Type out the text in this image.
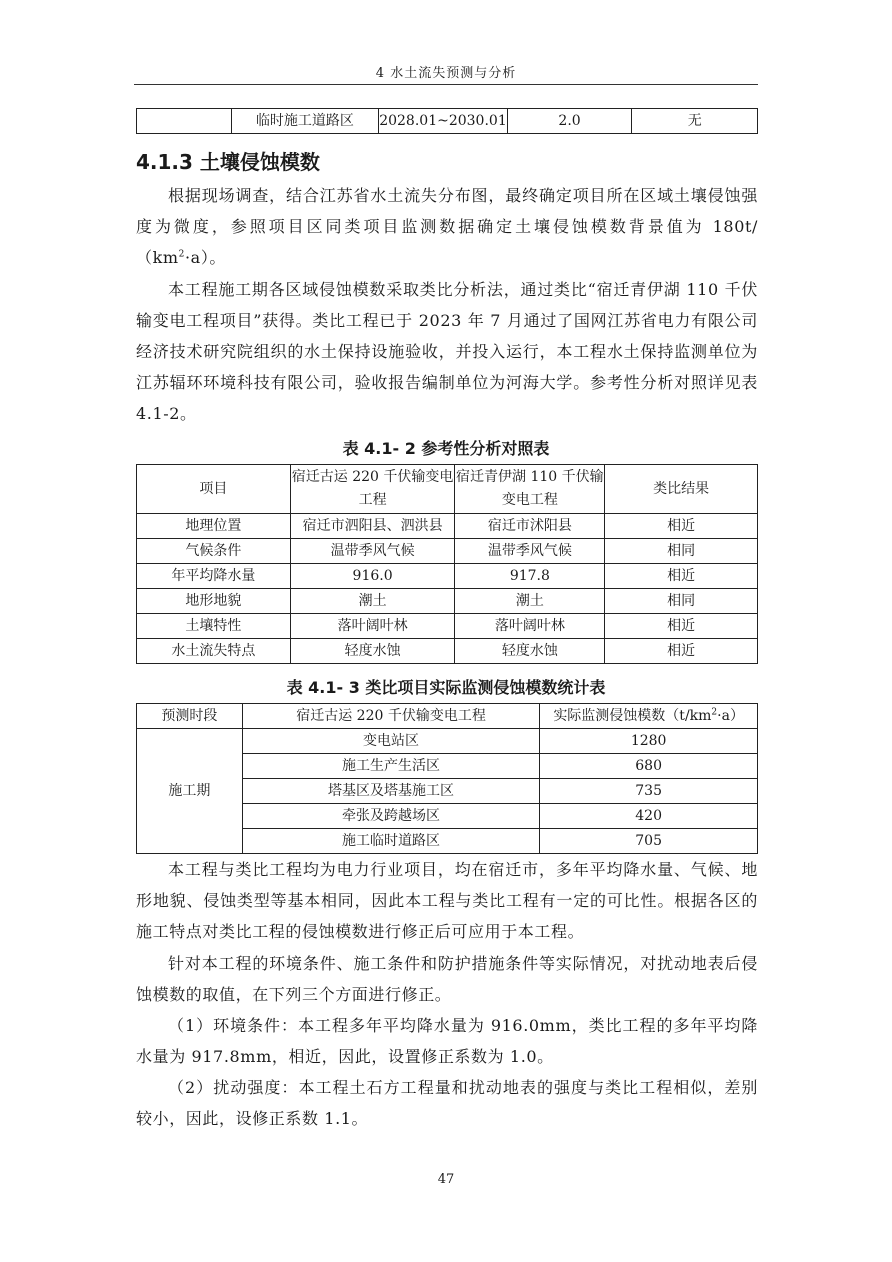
4 水土流失预测与分析
	临时施工道路区	2028.01~2030.01	2.0	无
4.1.3 土壤侵蚀模数
根据现场调查，结合江苏省水土流失分布图，最终确定项目所在区域土壤侵蚀强度为微度，参照项目区同类项目监测数据确定土壤侵蚀模数背景值为 $180t/(km^2\cdot a)$。
本工程施工期各区域侵蚀模数采取类比分析法，通过类比“宿迁青伊湖 110 千伏输变电工程项目”获得。类比工程已于 2023 年 7 月通过了国网江苏省电力有限公司经济技术研究院组织的水土保持设施验收，并投入运行，本工程水土保持监测单位为江苏辐环环境科技有限公司，验收报告编制单位为河海大学。参考性分析对照详见表 4.1-2。
表 4.1- 2 参考性分析对照表
项目	宿迁古运 220 千伏输变电工程	宿迁青伊湖 110 千伏输变电工程	类比结果
地理位置	宿迁市泗阳县、泗洪县	宿迁市沭阳县	相近
气候条件	温带季风气候	温带季风气候	相同
年平均降水量	916.0	917.8	相近
地形地貌	潮土	潮土	相同
土壤特性	落叶阔叶林	落叶阔叶林	相近
水土流失特点	轻度水蚀	轻度水蚀	相近
表 4.1- 3 类比项目实际监测侵蚀模数统计表
预测时段	宿迁古运 220 千伏输变电工程	实际监测侵蚀模数$(t/km^2\cdot a)$
施工期	变电站区	1280
	施工生产生活区	680
	塔基区及塔基施工区	735
	牵张及跨越场区	420
	施工临时道路区	705
本工程与类比工程均为电力行业项目，均在宿迁市，多年平均降水量、气候、地形地貌、侵蚀类型等基本相同，因此本工程与类比工程有一定的可比性。根据各区的施工特点对类比工程的侵蚀模数进行修正后可应用于本工程。
针对本工程的环境条件、施工条件和防护措施条件等实际情况，对扰动地表后侵蚀模数的取值，在下列三个方面进行修正。
（1）环境条件：本工程多年平均降水量为 916.0mm，类比工程的多年平均降水量为 917.8mm，相近，因此，设置修正系数为 1.0。
（2）扰动强度：本工程土石方工程量和扰动地表的强度与类比工程相似，差别较小，因此，设修正系数 1.1。
47
